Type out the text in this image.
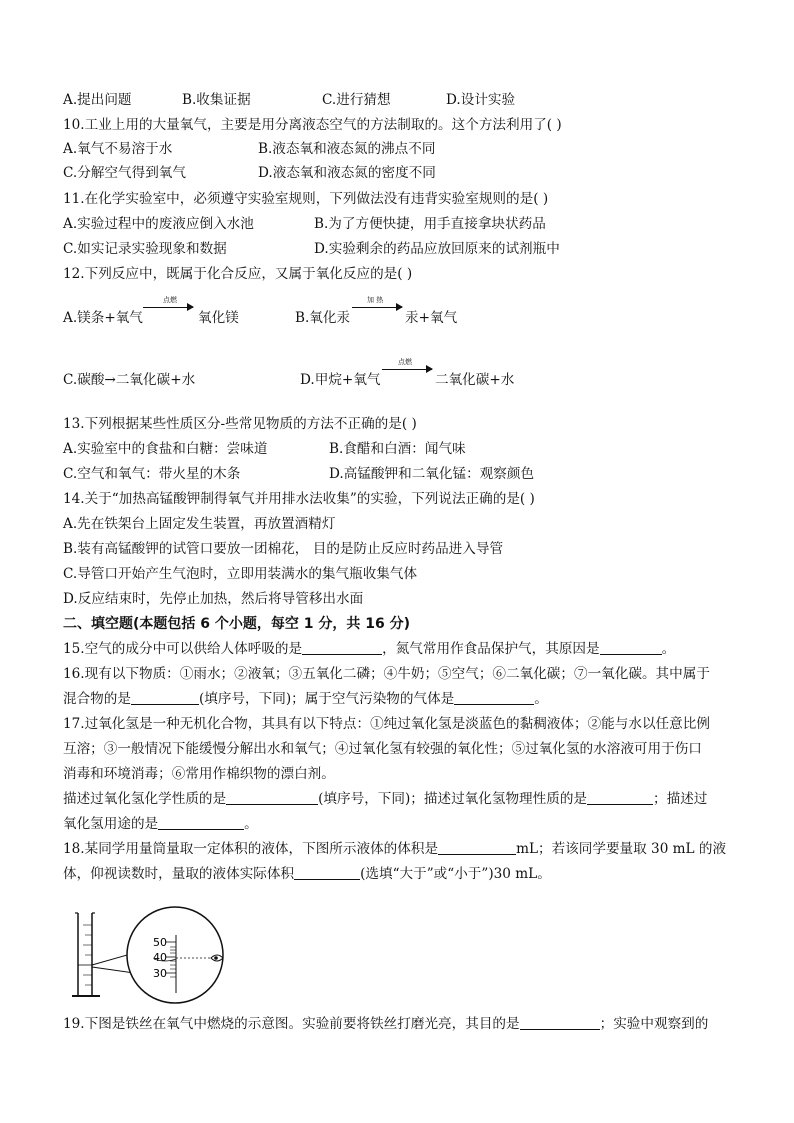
A.提出问题	B.收集证据	C.进行猜想	D.设计实验
10.工业上用的大量氧气，主要是用分离液态空气的方法制取的。这个方法利用了( )
A.氧气不易溶于水	B.液态氧和液态氮的沸点不同
C.分解空气得到氧气	D.液态氧和液态氮的密度不同
11.在化学实验室中，必须遵守实验室规则，下列做法没有违背实验室规则的是( )
A.实验过程中的废液应倒入水池	B.为了方便快捷，用手直接拿块状药品
C.如实记录实验现象和数据	D.实验剩余的药品应放回原来的试剂瓶中
12.下列反应中，既属于化合反应，又属于氧化反应的是( )
A.镁条+氧气
点燃
氧化镁	B.氧化汞
加 热
汞+氧气
C.碳酸→二氧化碳+水	D.甲烷+氧气
点燃
二氧化碳+水
13.下列根据某些性质区分-些常见物质的方法不正确的是( )
A.实验室中的食盐和白糖：尝味道	B.食醋和白酒：闻气味
C.空气和氧气：带火星的木条	D.高锰酸钾和二氧化锰：观察颜色
14.关于“加热高锰酸钾制得氧气并用排水法收集”的实验，下列说法正确的是( )
A.先在铁架台上固定发生装置，再放置酒精灯
B.装有高锰酸钾的试管口要放一团棉花， 目的是防止反应时药品进入导管
C.导管口开始产生气泡时，立即用装满水的集气瓶收集气体
D.反应结束时，先停止加热，然后将导管移出水面
二、填空题(本题包括 6 个小题，每空 1 分，共 16 分)
15.空气的成分中可以供给人体呼吸的是	，氮气常用作食品保护气，其原因是	。
16.现有以下物质：①雨水；②液氧；③五氧化二磷；④牛奶；⑤空气；⑥二氧化碳；⑦一氧化碳。其中属于
混合物的是	(填序号，下同)；属于空气污染物的气体是	。
17.过氧化氢是一种无机化合物，其具有以下特点：①纯过氧化氢是淡蓝色的黏稠液体；②能与水以任意比例
互溶；③一般情况下能缓慢分解出水和氧气；④过氧化氢有较强的氧化性；⑤过氧化氢的水溶液可用于伤口
消毒和环境消毒；⑥常用作棉织物的漂白剂。
描述过氧化氢化学性质的是	(填序号，下同)；描述过氧化氢物理性质的是	；描述过
氧化氢用途的是	。
18.某同学用量筒量取一定体积的液体，下图所示液体的体积是	mL；若该同学要量取 30 mL 的液
体，仰视读数时，量取的液体实际体积	(选填“大于”或“小于”)30 mL。
50
40
30
19.下图是铁丝在氧气中燃烧的示意图。实验前要将铁丝打磨光亮，其目的是	；实验中观察到的
